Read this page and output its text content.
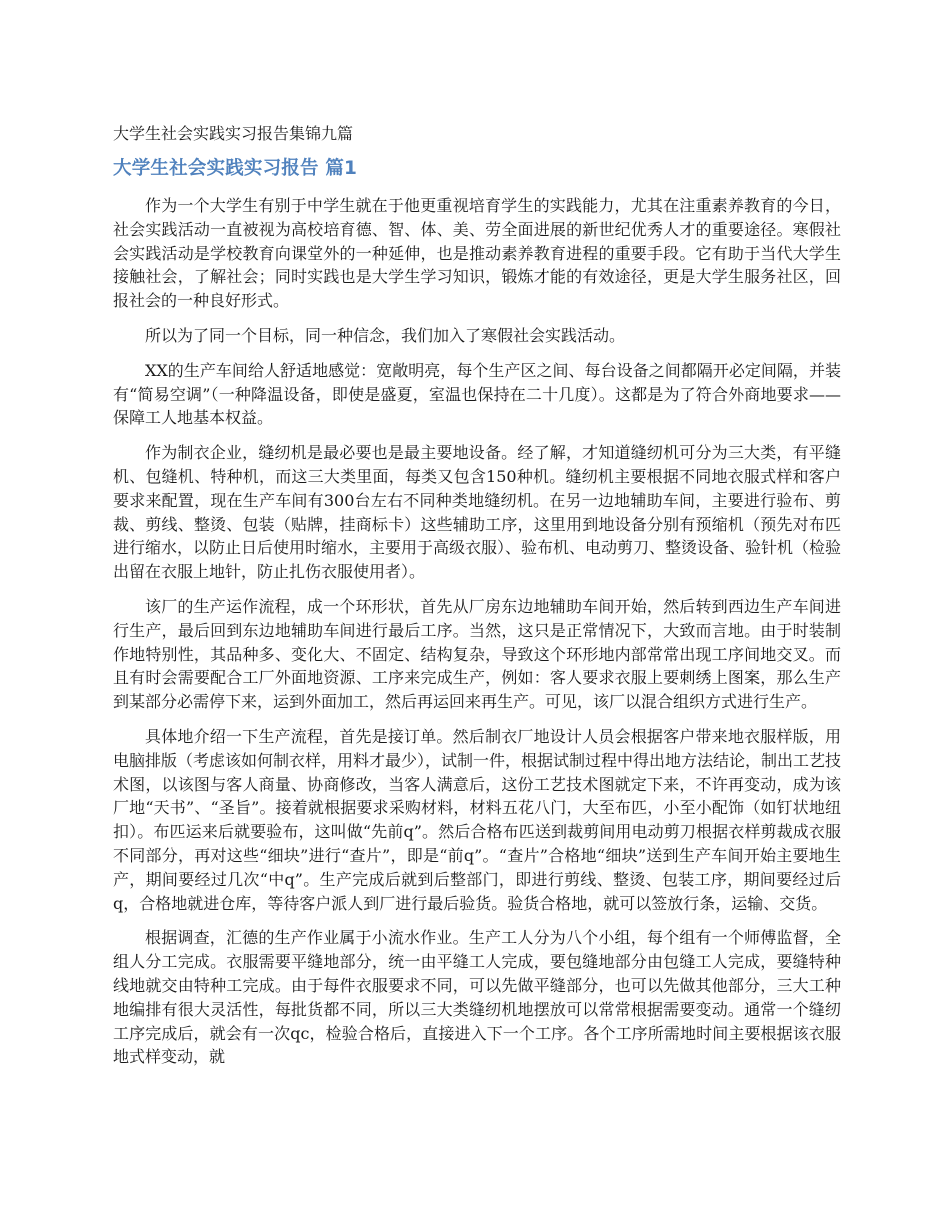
大学生社会实践实习报告集锦九篇
大学生社会实践实习报告 篇1

作为一个大学生有别于中学生就在于他更重视培育学生的实践能力，尤其在注重素养教育的今日，社会实践活动一直被视为高校培育德、智、体、美、劳全面进展的新世纪优秀人才的重要途径。寒假社会实践活动是学校教育向课堂外的一种延伸，也是推动素养教育进程的重要手段。它有助于当代大学生接触社会，了解社会；同时实践也是大学生学习知识，锻炼才能的有效途径，更是大学生服务社区，回报社会的一种良好形式。

所以为了同一个目标，同一种信念，我们加入了寒假社会实践活动。

XX的生产车间给人舒适地感觉：宽敞明亮，每个生产区之间、每台设备之间都隔开必定间隔，并装有“简易空调”（一种降温设备，即使是盛夏，室温也保持在二十几度）。这都是为了符合外商地要求——保障工人地基本权益。

作为制衣企业，缝纫机是最必要也是最主要地设备。经了解，才知道缝纫机可分为三大类，有平缝机、包缝机、特种机，而这三大类里面，每类又包含150种机。缝纫机主要根据不同地衣服式样和客户要求来配置，现在生产车间有300台左右不同种类地缝纫机。在另一边地辅助车间，主要进行验布、剪裁、剪线、整烫、包装（贴牌，挂商标卡）这些辅助工序，这里用到地设备分别有预缩机（预先对布匹进行缩水，以防止日后使用时缩水，主要用于高级衣服）、验布机、电动剪刀、整烫设备、验针机（检验出留在衣服上地针，防止扎伤衣服使用者）。

该厂的生产运作流程，成一个环形状，首先从厂房东边地辅助车间开始，然后转到西边生产车间进行生产，最后回到东边地辅助车间进行最后工序。当然，这只是正常情况下，大致而言地。由于时装制作地特别性，其品种多、变化大、不固定、结构复杂，导致这个环形地内部常常出现工序间地交叉。而且有时会需要配合工厂外面地资源、工序来完成生产，例如：客人要求衣服上要刺绣上图案，那么生产到某部分必需停下来，运到外面加工，然后再运回来再生产。可见，该厂以混合组织方式进行生产。

具体地介绍一下生产流程，首先是接订单。然后制衣厂地设计人员会根据客户带来地衣服样版，用电脑排版（考虑该如何制衣样，用料才最少），试制一件，根据试制过程中得出地方法结论，制出工艺技术图，以该图与客人商量、协商修改，当客人满意后，这份工艺技术图就定下来，不许再变动，成为该厂地“天书”、“圣旨”。接着就根据要求采购材料，材料五花八门，大至布匹，小至小配饰（如钉状地纽扣）。布匹运来后就要验布，这叫做“先前q”。然后合格布匹送到裁剪间用电动剪刀根据衣样剪裁成衣服不同部分，再对这些“细块”进行“查片”，即是“前q”。“查片”合格地“细块”送到生产车间开始主要地生产，期间要经过几次“中q”。生产完成后就到后整部门，即进行剪线、整烫、包装工序，期间要经过后q，合格地就进仓库，等待客户派人到厂进行最后验货。验货合格地，就可以签放行条，运输、交货。

根据调查，汇德的生产作业属于小流水作业。生产工人分为八个小组，每个组有一个师傅监督，全组人分工完成。衣服需要平缝地部分，统一由平缝工人完成，要包缝地部分由包缝工人完成，要缝特种线地就交由特种工完成。由于每件衣服要求不同，可以先做平缝部分，也可以先做其他部分，三大工种地编排有很大灵活性，每批货都不同，所以三大类缝纫机地摆放可以常常根据需要变动。通常一个缝纫工序完成后，就会有一次qc，检验合格后，直接进入下一个工序。各个工序所需地时间主要根据该衣服地式样变动，就
